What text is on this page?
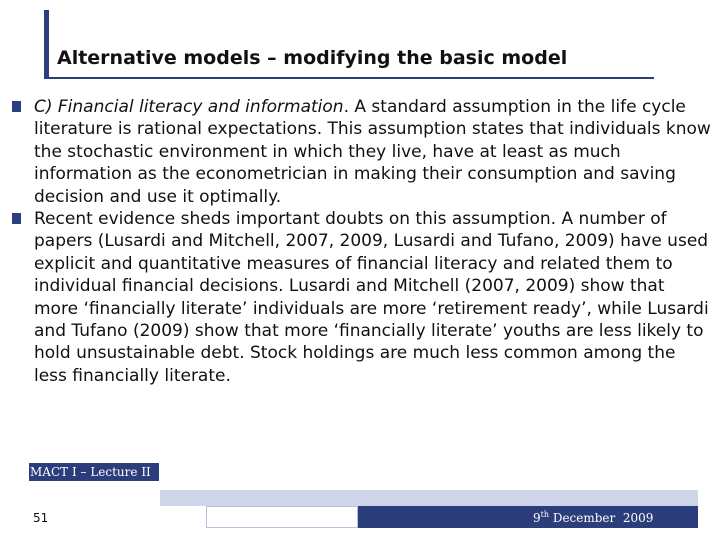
Alternative models – modifying the basic model
C) Financial literacy and information. A standard assumption in the life cycle literature is rational expectations. This assumption states that individuals know the stochastic environment in which they live, have at least as much information as the econometrician in making their consumption and saving decision and use it optimally.
Recent evidence sheds important doubts on this assumption. A number of papers (Lusardi and Mitchell, 2007, 2009, Lusardi and Tufano, 2009) have used explicit and quantitative measures of financial literacy and related them to individual financial decisions. Lusardi and Mitchell (2007, 2009) show that more ‘financially literate’ individuals are more ‘retirement ready’, while Lusardi and Tufano (2009) show that more ‘financially literate’ youths are less likely to hold unsustainable debt. Stock holdings are much less common among the less financially literate.
MACT I – Lecture II
51	9th December  2009
